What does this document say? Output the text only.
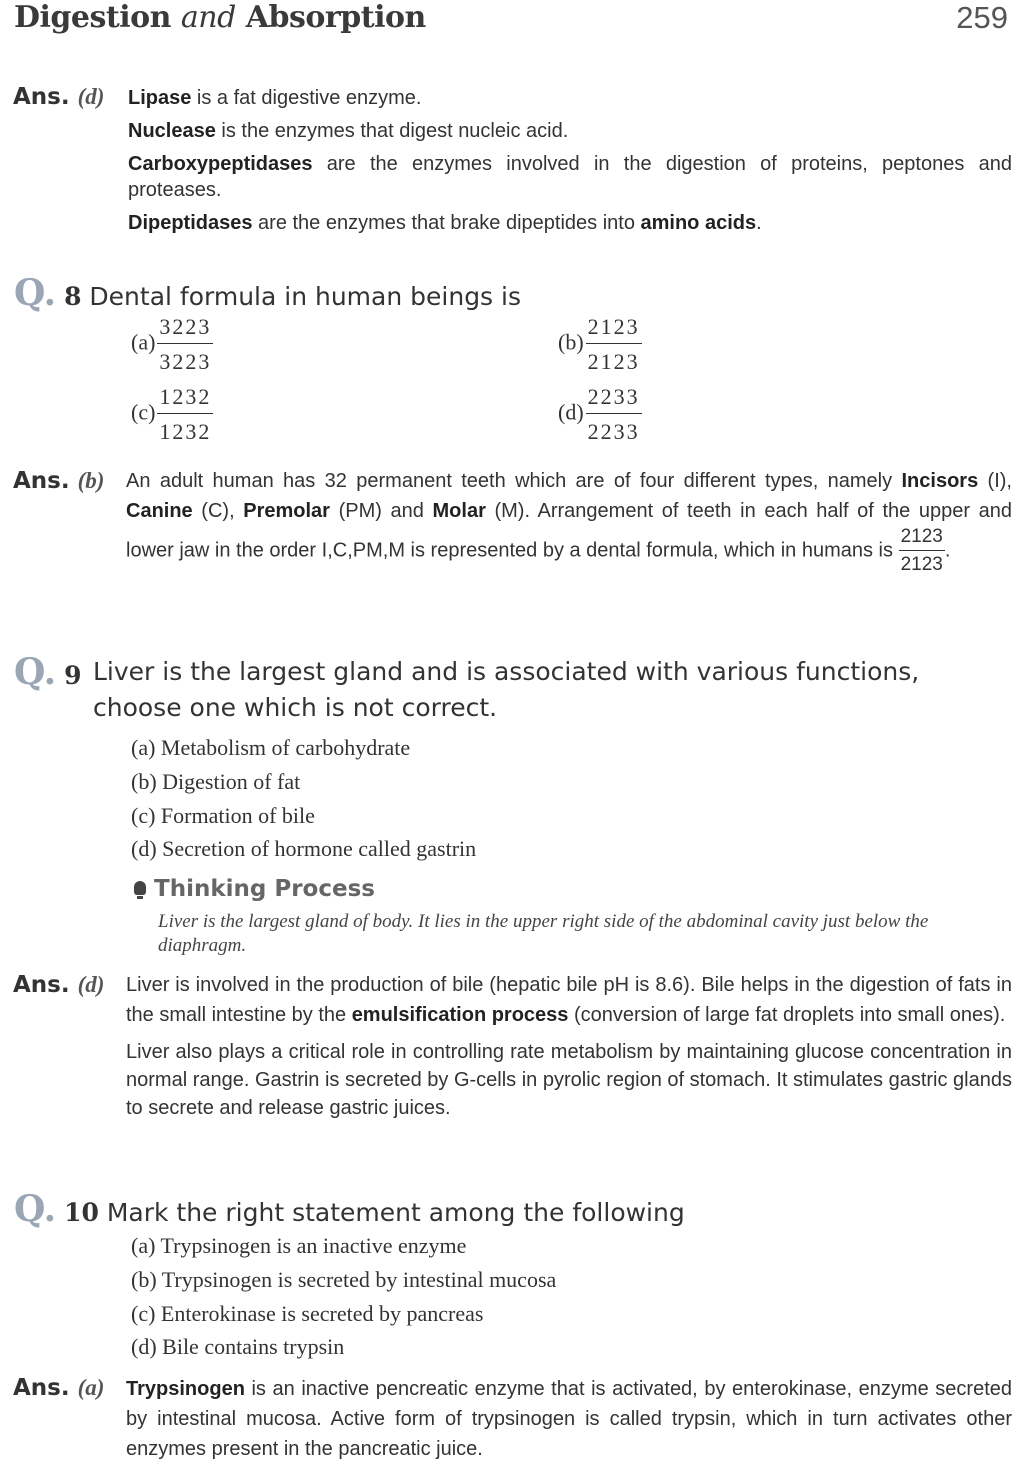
Digestion and Absorption	259
Ans. (d) Lipase is a fat digestive enzyme.
Nuclease is the enzymes that digest nucleic acid.
Carboxypeptidases are the enzymes involved in the digestion of proteins, peptones and proteases.
Dipeptidases are the enzymes that brake dipeptides into amino acids.
Q. 8 Dental formula in human beings is
$(a) \frac{3223}{3223}$	$(b) \frac{2123}{2123}$
$(c) \frac{1232}{1232}$	$(d) \frac{2233}{2233}$
Ans. (b) An adult human has 32 permanent teeth which are of four different types, namely Incisors (I), Canine (C), Premolar (PM) and Molar (M). Arrangement of teeth in each half of the upper and lower jaw in the order I,C,PM,M is represented by a dental formula, which in humans is $\frac{2123}{2123}$ .
Q. 9 Liver is the largest gland and is associated with various functions, choose one which is not correct.
(a) Metabolism of carbohydrate
(b) Digestion of fat
(c) Formation of bile
(d) Secretion of hormone called gastrin
Thinking Process
Liver is the largest gland of body. It lies in the upper right side of the abdominal cavity just below the diaphragm.
Ans. (d) Liver is involved in the production of bile (hepatic bile pH is 8.6). Bile helps in the digestion of fats in the small intestine by the emulsification process (conversion of large fat droplets into small ones).
Liver also plays a critical role in controlling rate metabolism by maintaining glucose concentration in normal range. Gastrin is secreted by G-cells in pyrolic region of stomach. It stimulates gastric glands to secrete and release gastric juices.
Q. 10 Mark the right statement among the following
(a) Trypsinogen is an inactive enzyme
(b) Trypsinogen is secreted by intestinal mucosa
(c) Enterokinase is secreted by pancreas
(d) Bile contains trypsin
Ans. (a) Trypsinogen is an inactive pencreatic enzyme that is activated, by enterokinase, enzyme secreted by intestinal mucosa. Active form of trypsinogen is called trypsin, which in turn activates other enzymes present in the pancreatic juice.
